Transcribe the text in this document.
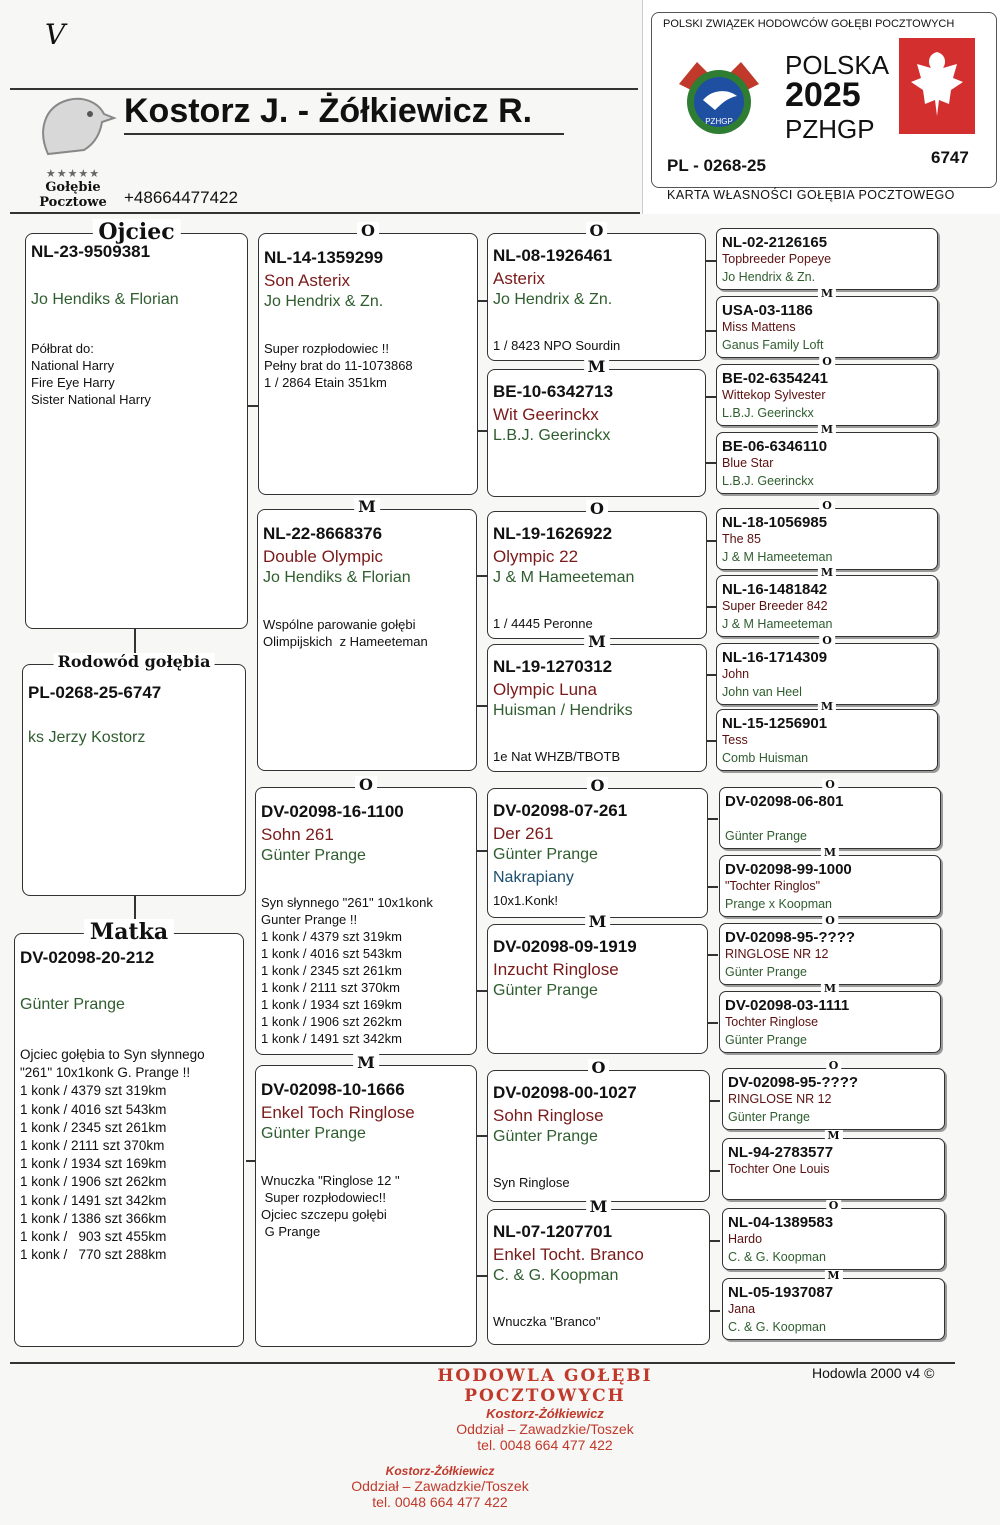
V
★★★★★
Gołębie
Pocztowe
Kostorz J. - Żółkiewicz R.
+48664477422
POLSKI ZWIĄZEK HODOWCÓW GOŁĘBI POCZTOWYCH
PZHGP
POLSKA
2025
PZHGP
PL - 0268-25	6747
KARTA WŁASNOŚCI GOŁĘBIA POCZTOWEGO
Ojciec
NL-23-9509381
Jo Hendiks & Florian
Półbrat do:
National Harry
Fire Eye Harry
Sister National Harry
Rodowód gołębia
PL-0268-25-6747
ks Jerzy Kostorz
Matka
DV-02098-20-212
Günter Prange
Ojciec gołębia to Syn słynnego
"261" 10x1konk G. Prange !!
1 konk / 4379 szt 319km
1 konk / 4016 szt 543km
1 konk / 2345 szt 261km
1 konk / 2111 szt 370km
1 konk / 1934 szt 169km
1 konk / 1906 szt 262km
1 konk / 1491 szt 342km
1 konk / 1386 szt 366km
1 konk /   903 szt 455km
1 konk /   770 szt 288km
O
NL-14-1359299
Son Asterix
Jo Hendrix & Zn.
Super rozpłodowiec !!
Pełny brat do 11-1073868
1 / 2864 Etain 351km
M
NL-22-8668376
Double Olympic
Jo Hendiks & Florian
Wspólne parowanie gołębi
Olimpijskich  z Hameeteman
O
DV-02098-16-1100
Sohn 261
Günter Prange
Syn słynnego "261" 10x1konk
Gunter Prange !!
1 konk / 4379 szt 319km
1 konk / 4016 szt 543km
1 konk / 2345 szt 261km
1 konk / 2111 szt 370km
1 konk / 1934 szt 169km
1 konk / 1906 szt 262km
1 konk / 1491 szt 342km
M
DV-02098-10-1666
Enkel Toch Ringlose
Günter Prange
Wnuczka "Ringlose 12 "
Super rozpłodowiec!!
Ojciec szczepu gołębi
G Prange
O
NL-08-1926461
Asterix
Jo Hendrix & Zn.
1 / 8423 NPO Sourdin
M
BE-10-6342713
Wit Geerinckx
L.B.J. Geerinckx
O
NL-19-1626922
Olympic 22
J & M Hameeteman
1 / 4445 Peronne
M
NL-19-1270312
Olympic Luna
Huisman / Hendriks
1e Nat WHZB/TBOTB
O
DV-02098-07-261
Der 261
Günter Prange
Nakrapiany
10x1.Konk!
M
DV-02098-09-1919
Inzucht Ringlose
Günter Prange
O
DV-02098-00-1027
Sohn Ringlose
Günter Prange
Syn Ringlose
M
NL-07-1207701
Enkel Tocht. Branco
C. & G. Koopman
Wnuczka "Branco"
NL-02-2126165
Topbreeder Popeye
Jo Hendrix & Zn.
M
USA-03-1186
Miss Mattens
Ganus Family Loft
O
BE-02-6354241
Wittekop Sylvester
L.B.J. Geerinckx
M
BE-06-6346110
Blue Star
L.B.J. Geerinckx
O
NL-18-1056985
The 85
J & M Hameeteman
M
NL-16-1481842
Super Breeder 842
J & M Hameeteman
O
NL-16-1714309
John
John van Heel
M
NL-15-1256901
Tess
Comb Huisman
O
DV-02098-06-801
Günter Prange
M
DV-02098-99-1000
"Tochter Ringlos"
Prange x Koopman
O
DV-02098-95-????
RINGLOSE NR 12
Günter Prange
M
DV-02098-03-1111
Tochter Ringlose
Günter Prange
O
DV-02098-95-????
RINGLOSE NR 12
Günter Prange
M
NL-94-2783577
Tochter One Louis
O
NL-04-1389583
Hardo
C. & G. Koopman
M
NL-05-1937087
Jana
C. & G. Koopman
Hodowla 2000 v4 ©
HODOWLA GOŁĘBI
POCZTOWYCH
Kostorz-Żółkiewicz
Oddział – Zawadzkie/Toszek
tel. 0048 664 477 422
Kostorz-Żółkiewicz
Oddział – Zawadzkie/Toszek
tel. 0048 664 477 422
